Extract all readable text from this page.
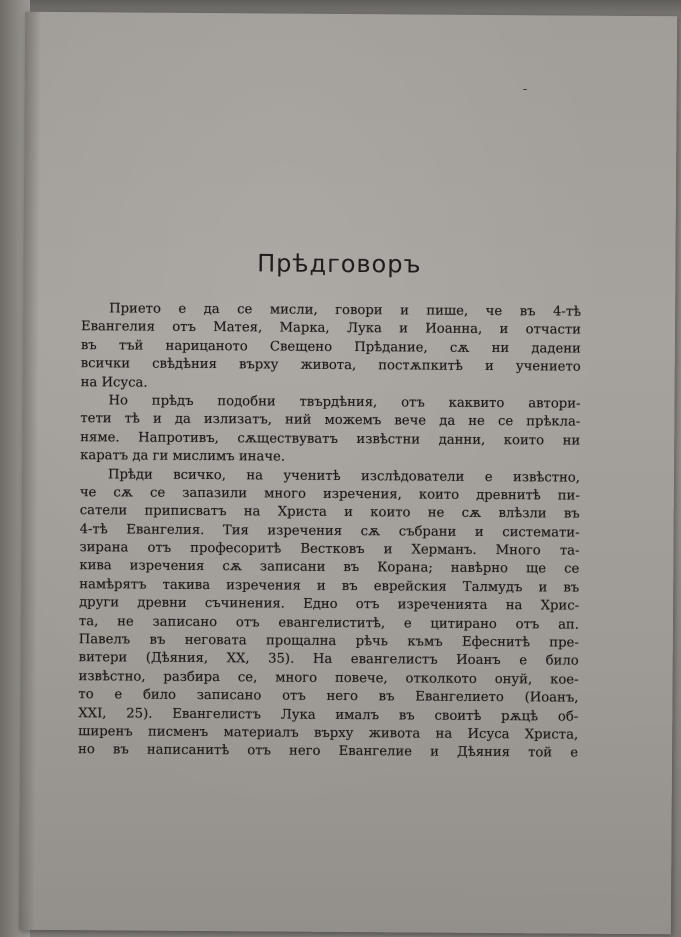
-
Прѣдговоръ
Прието е да се мисли, говори и пише, че въ 4-тѣ
Евангелия отъ Матея, Марка, Лука и Иоанна, и отчасти
въ тъй нарицаното Свещено Прѣдание, сѫ ни дадени
всички свѣдѣния върху живота, постѫпкитѣ и учението
на Исуса.
Но прѣдъ подобни твърдѣния, отъ каквито автори-
тети тѣ и да излизатъ, ний можемъ вече да не се прѣкла-
няме. Напротивъ, сѫществуватъ извѣстни данни, които ни
каратъ да ги мислимъ иначе.
Прѣди всичко, на ученитѣ изслѣдователи е извѣстно,
че сѫ се запазили много изречения, които древнитѣ пи-
сатели приписватъ на Христа и които не сѫ влѣзли въ
4-тѣ Евангелия. Тия изречения сѫ събрани и системати-
зирана отъ професоритѣ Вестковъ и Херманъ. Много та-
кива изречения сѫ записани въ Корана; навѣрно ще се
намѣрятъ такива изречения и въ еврейския Талмудъ и въ
други древни съчинения. Едно отъ изреченията на Хрис-
та, не записано отъ евангелиститѣ, е цитирано отъ ап.
Павелъ въ неговата прощална рѣчь къмъ Ефеснитѣ пре-
витери (Дѣяния, XX, 35). На евангелистъ Иоанъ е било
извѣстно, разбира се, много повече, отколкото онуй, кое-
то е било записано отъ него въ Евангелието (Иоанъ,
XXI, 25). Евангелистъ Лука ималъ въ своитѣ рѫцѣ об-
ширенъ писменъ материалъ върху живота на Исуса Христа,
но въ написанитѣ отъ него Евангелие и Дѣяния той е
